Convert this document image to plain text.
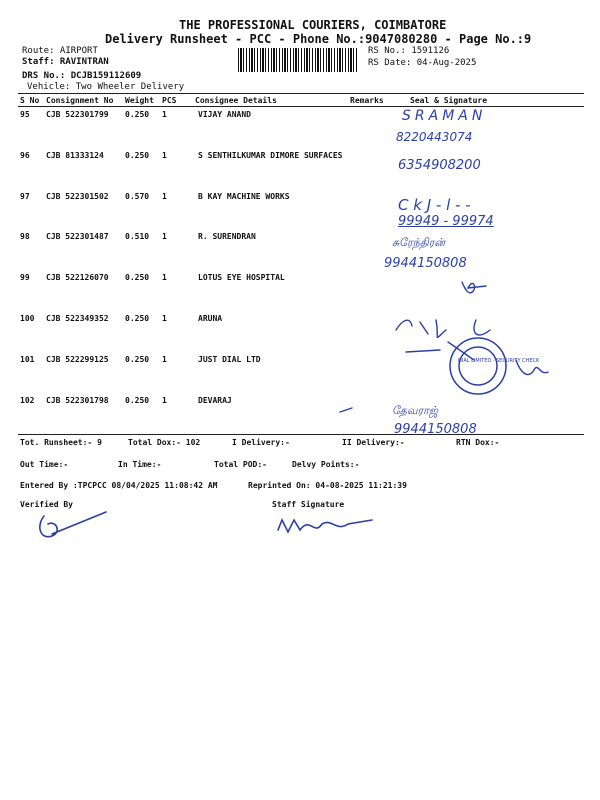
THE PROFESSIONAL COURIERS, COIMBATORE
Delivery Runsheet - PCC - Phone No.:9047080280 - Page No.:9
Route: AIRPORT
Staff: RAVINTRAN
DRS No.: DCJB159112609
Vehicle: Two Wheeler Delivery
RS No.: 1591126
RS Date: 04-Aug-2025
S No Consignment No Weight PCS Consignee Details	Remarks	Seal & Signature
95 CJB 522301799 0.250 1	VIJAY ANAND
96 CJB 81333124	0.250 1	S SENTHILKUMAR DIMORE SURFACES
97 CJB 522301502 0.570 1	B KAY MACHINE WORKS
98 CJB 522301487 0.510 1	R. SURENDRAN
99 CJB 522126070 0.250 1	LOTUS EYE HOSPITAL
100 CJB 522349352 0.250 1	ARUNA
101 CJB 522299125 0.250 1	JUST DIAL LTD
102 CJB 522301798 0.250 1	DEVARAJ
SRAMAN
8220443074
6354908200
C k J - l - -
99949 - 99974
சுரேந்திரன்
9944150808
தேவராஜ்
9944150808
DIAL LIMITED · SECURITY CHECK
Tot. Runsheet:- 9	Total Dox:- 102	I Delivery:-	II Delivery:-	RTN Dox:-
Out Time:-	In Time:-	Total POD:-	Delvy Points:-
Entered By :TPCPCC 08/04/2025 11:08:42 AM	Reprinted On: 04-08-2025 11:21:39
Verified By	Staff Signature
